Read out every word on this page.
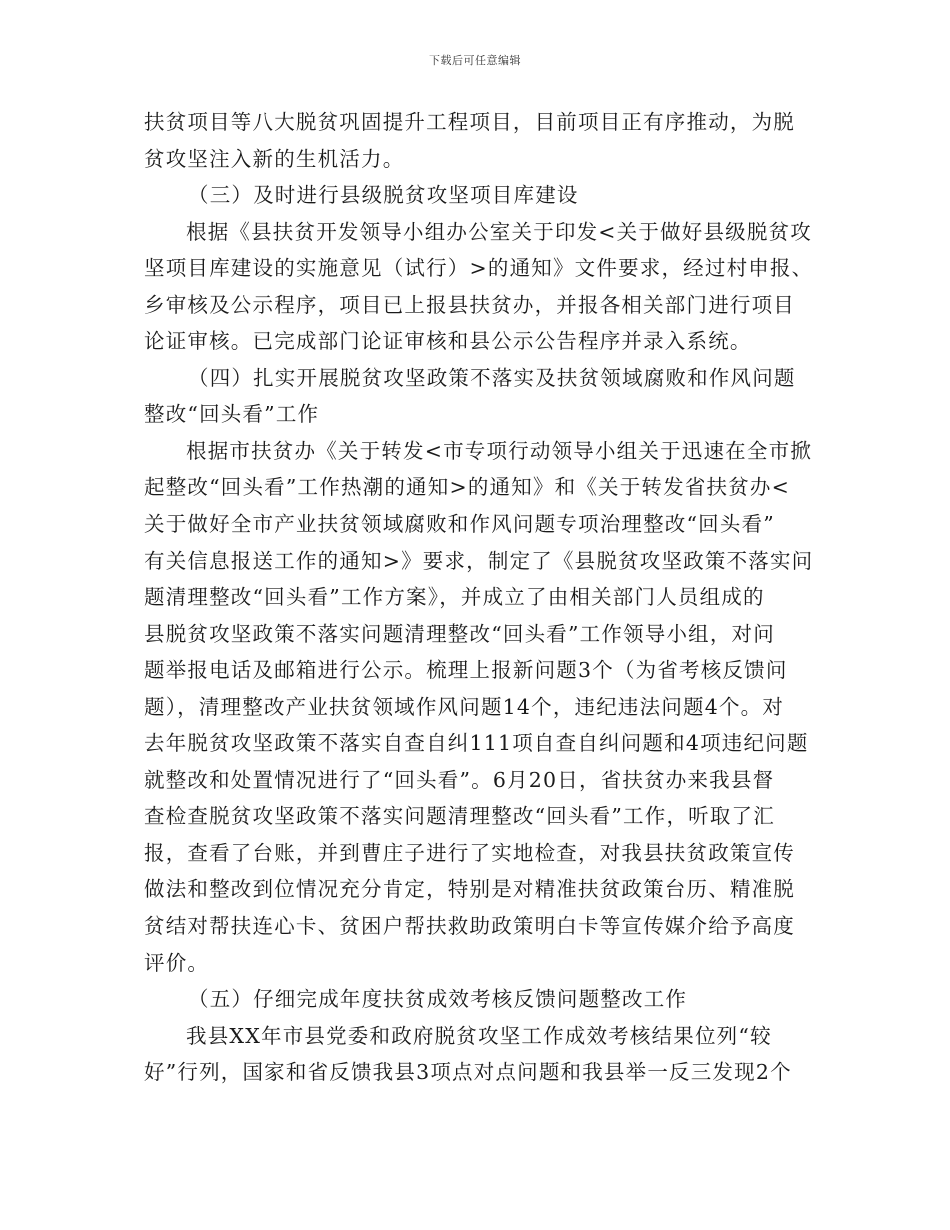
下载后可任意编辑
扶贫项目等八大脱贫巩固提升工程项目，目前项目正有序推动，为脱
贫攻坚注入新的生机活力。
（三）及时进行县级脱贫攻坚项目库建设
根据《县扶贫开发领导小组办公室关于印发<关于做好县级脱贫攻
坚项目库建设的实施意见（试行）>的通知》文件要求，经过村申报、
乡审核及公示程序，项目已上报县扶贫办，并报各相关部门进行项目
论证审核。已完成部门论证审核和县公示公告程序并录入系统。
（四）扎实开展脱贫攻坚政策不落实及扶贫领域腐败和作风问题
整改“回头看”工作
根据市扶贫办《关于转发<市专项行动领导小组关于迅速在全市掀
起整改“回头看”工作热潮的通知>的通知》和《关于转发省扶贫办<
关于做好全市产业扶贫领域腐败和作风问题专项治理整改“回头看”
有关信息报送工作的通知>》要求，制定了《县脱贫攻坚政策不落实问
题清理整改“回头看”工作方案》，并成立了由相关部门人员组成的
县脱贫攻坚政策不落实问题清理整改“回头看”工作领导小组，对问
题举报电话及邮箱进行公示。梳理上报新问题3个（为省考核反馈问
题），清理整改产业扶贫领域作风问题14个，违纪违法问题4个。对
去年脱贫攻坚政策不落实自查自纠111项自查自纠问题和4项违纪问题
就整改和处置情况进行了“回头看”。6月20日，省扶贫办来我县督
查检查脱贫攻坚政策不落实问题清理整改“回头看”工作，听取了汇
报，查看了台账，并到曹庄子进行了实地检查，对我县扶贫政策宣传
做法和整改到位情况充分肯定，特别是对精准扶贫政策台历、精准脱
贫结对帮扶连心卡、贫困户帮扶救助政策明白卡等宣传媒介给予高度
评价。
（五）仔细完成年度扶贫成效考核反馈问题整改工作
我县XX年市县党委和政府脱贫攻坚工作成效考核结果位列“较
好”行列，国家和省反馈我县3项点对点问题和我县举一反三发现2个
